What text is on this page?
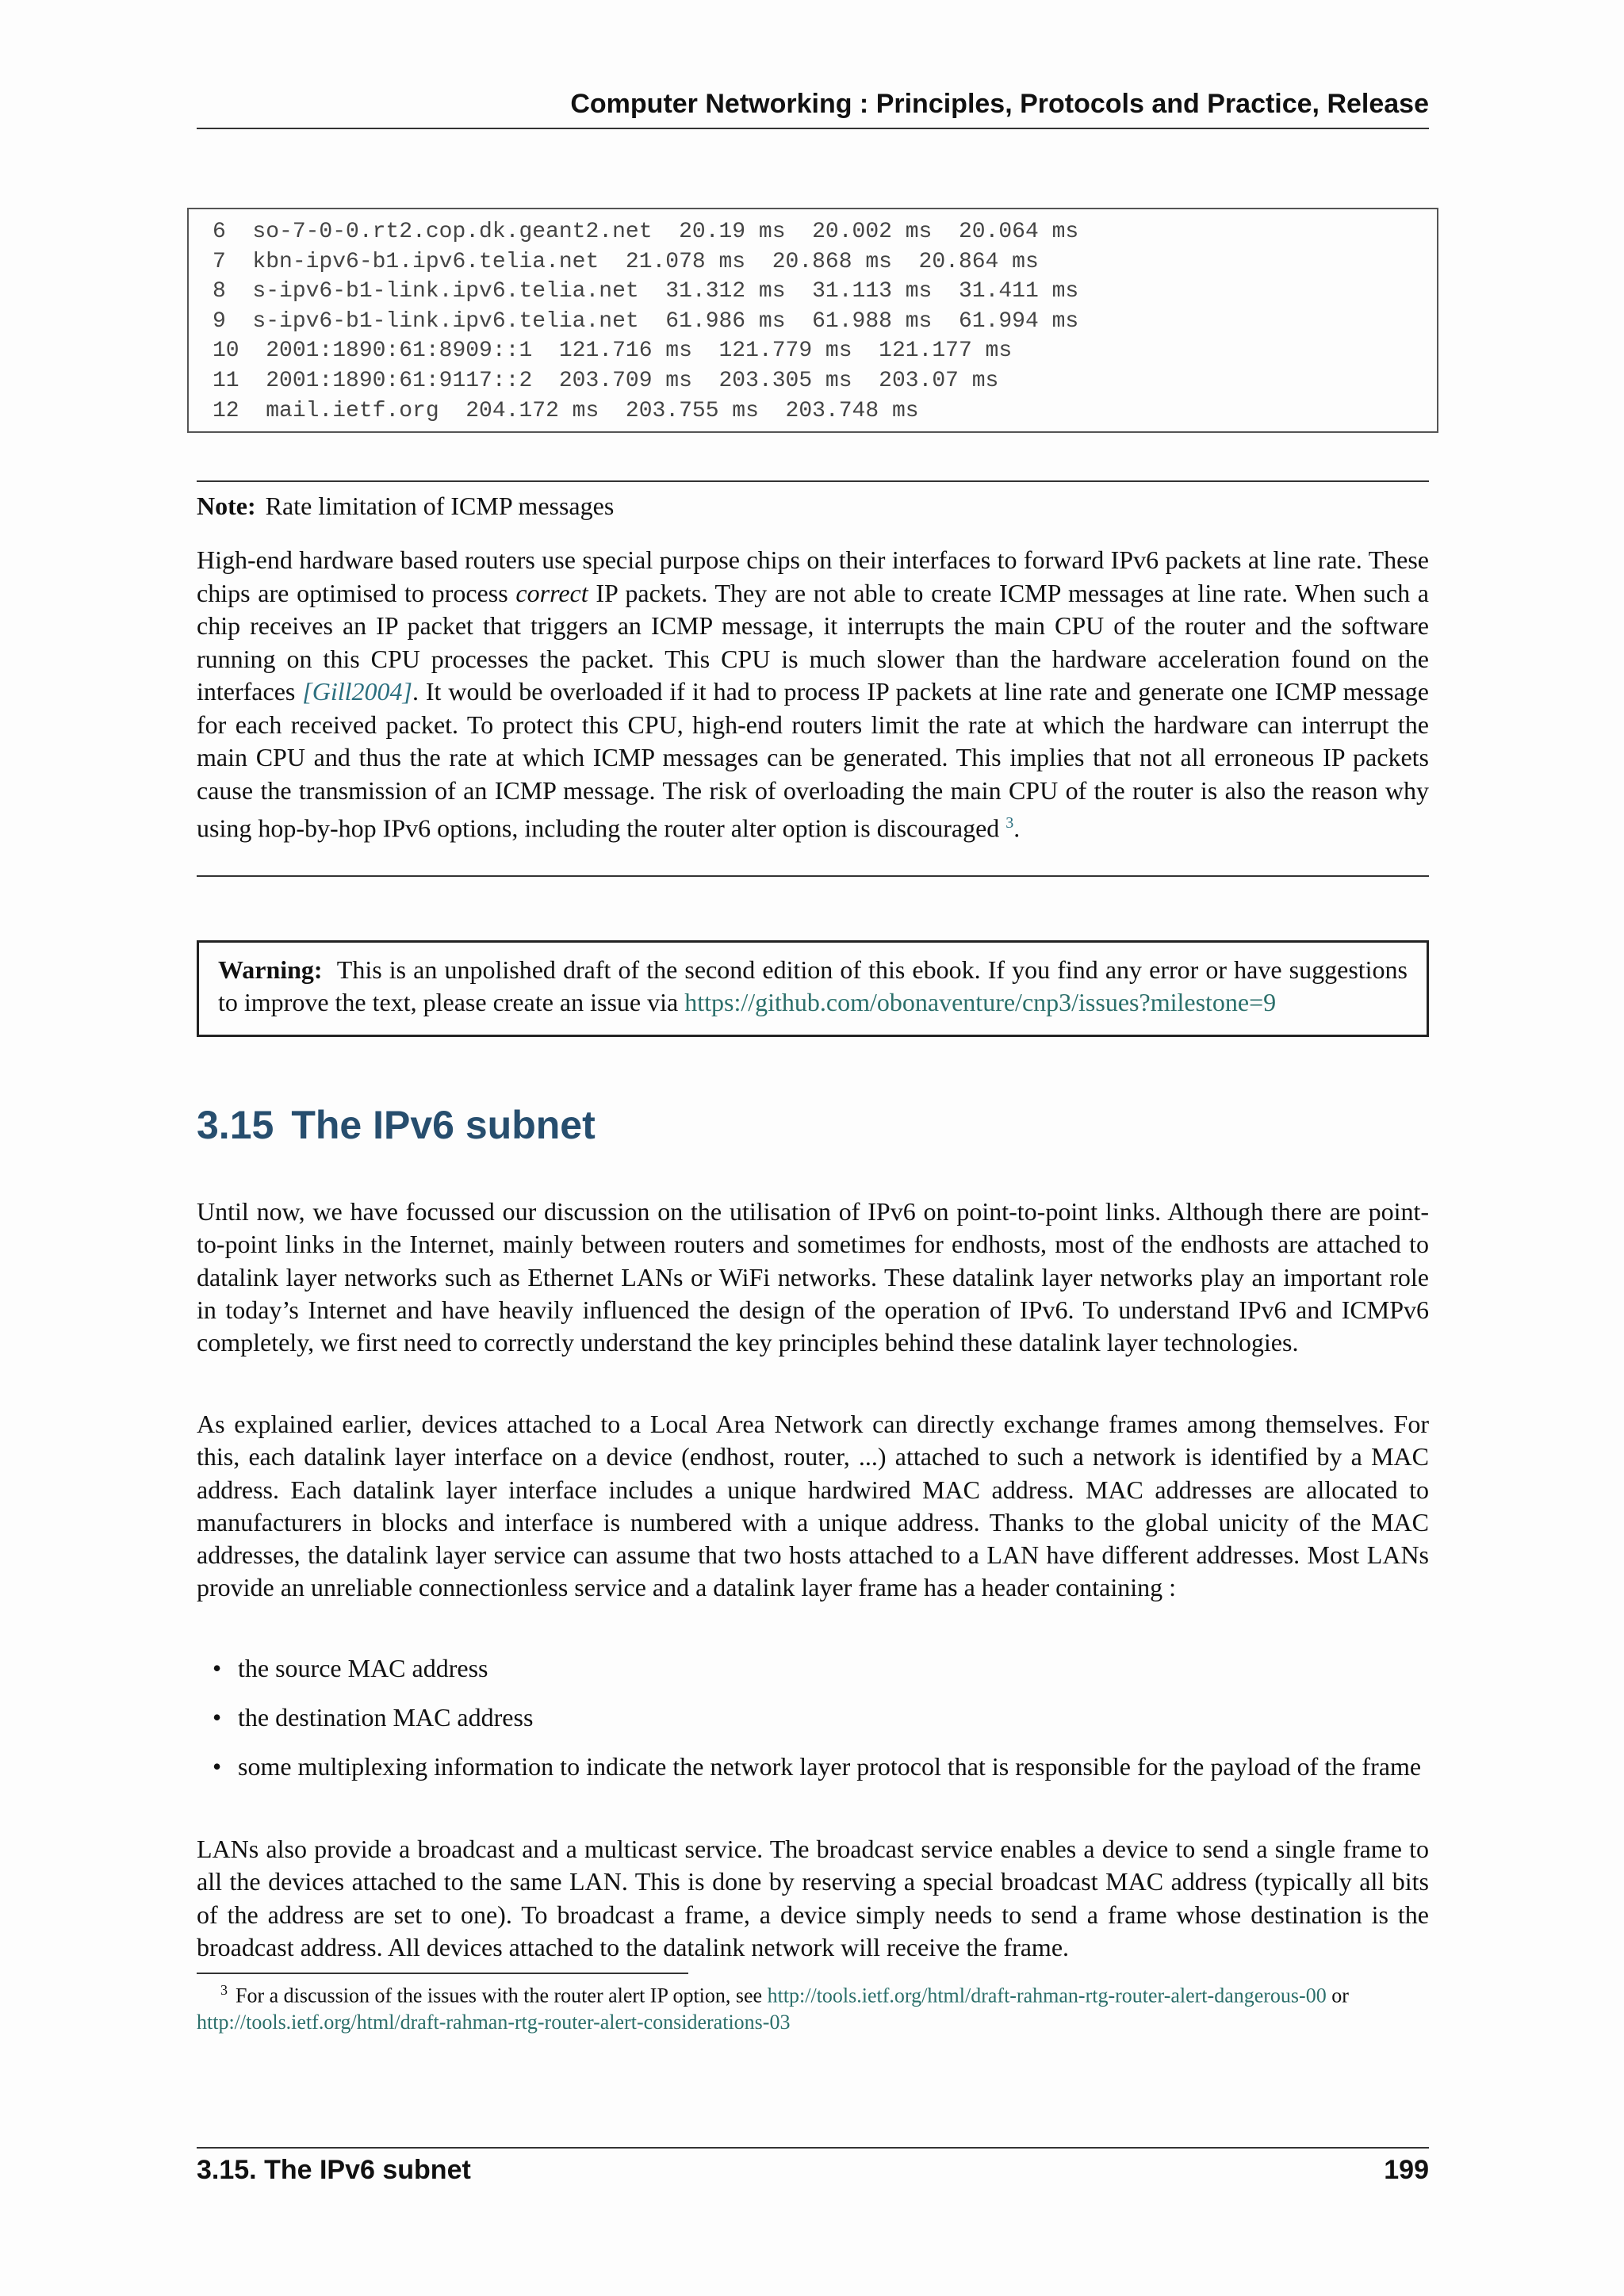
Computer Networking : Principles, Protocols and Practice, Release
6  so-7-0-0.rt2.cop.dk.geant2.net  20.19 ms  20.002 ms  20.064 ms
7  kbn-ipv6-b1.ipv6.telia.net  21.078 ms  20.868 ms  20.864 ms
8  s-ipv6-b1-link.ipv6.telia.net  31.312 ms  31.113 ms  31.411 ms
9  s-ipv6-b1-link.ipv6.telia.net  61.986 ms  61.988 ms  61.994 ms
10  2001:1890:61:8909::1  121.716 ms  121.779 ms  121.177 ms
11  2001:1890:61:9117::2  203.709 ms  203.305 ms  203.07 ms
12  mail.ietf.org  204.172 ms  203.755 ms  203.748 ms
Note: Rate limitation of ICMP messages
High-end hardware based routers use special purpose chips on their interfaces to forward IPv6 packets at line rate. These chips are optimised to process correct IP packets. They are not able to create ICMP messages at line rate. When such a chip receives an IP packet that triggers an ICMP message, it interrupts the main CPU of the router and the software running on this CPU processes the packet. This CPU is much slower than the hardware acceleration found on the interfaces [Gill2004]. It would be overloaded if it had to process IP packets at line rate and generate one ICMP message for each received packet. To protect this CPU, high-end routers limit the rate at which the hardware can interrupt the main CPU and thus the rate at which ICMP messages can be generated. This implies that not all erroneous IP packets cause the transmission of an ICMP message. The risk of overloading the main CPU of the router is also the reason why using hop-by-hop IPv6 options, including the router alter option is discouraged $^3$.
Warning: This is an unpolished draft of the second edition of this ebook. If you find any error or have suggestions to improve the text, please create an issue via https://github.com/obonaventure/cnp3/issues?milestone=9
3.15 The IPv6 subnet

Until now, we have focussed our discussion on the utilisation of IPv6 on point-to-point links. Although there are point-to-point links in the Internet, mainly between routers and sometimes for endhosts, most of the endhosts are attached to datalink layer networks such as Ethernet LANs or WiFi networks. These datalink layer networks play an important role in today’s Internet and have heavily influenced the design of the operation of IPv6. To understand IPv6 and ICMPv6 completely, we first need to correctly understand the key principles behind these datalink layer technologies.

As explained earlier, devices attached to a Local Area Network can directly exchange frames among themselves. For this, each datalink layer interface on a device (endhost, router, ...) attached to such a network is identified by a MAC address. Each datalink layer interface includes a unique hardwired MAC address. MAC addresses are allocated to manufacturers in blocks and interface is numbered with a unique address. Thanks to the global unicity of the MAC addresses, the datalink layer service can assume that two hosts attached to a LAN have different addresses. Most LANs provide an unreliable connectionless service and a datalink layer frame has a header containing :

• the source MAC address
• the destination MAC address
• some multiplexing information to indicate the network layer protocol that is responsible for the payload of the frame

LANs also provide a broadcast and a multicast service. The broadcast service enables a device to send a single frame to all the devices attached to the same LAN. This is done by reserving a special broadcast MAC address (typically all bits of the address are set to one). To broadcast a frame, a device simply needs to send a frame whose destination is the broadcast address. All devices attached to the datalink network will receive the frame.

$^3$ For a discussion of the issues with the router alert IP option, see http://tools.ietf.org/html/draft-rahman-rtg-router-alert-dangerous-00 or http://tools.ietf.org/html/draft-rahman-rtg-router-alert-considerations-03
3.15. The IPv6 subnet	199
